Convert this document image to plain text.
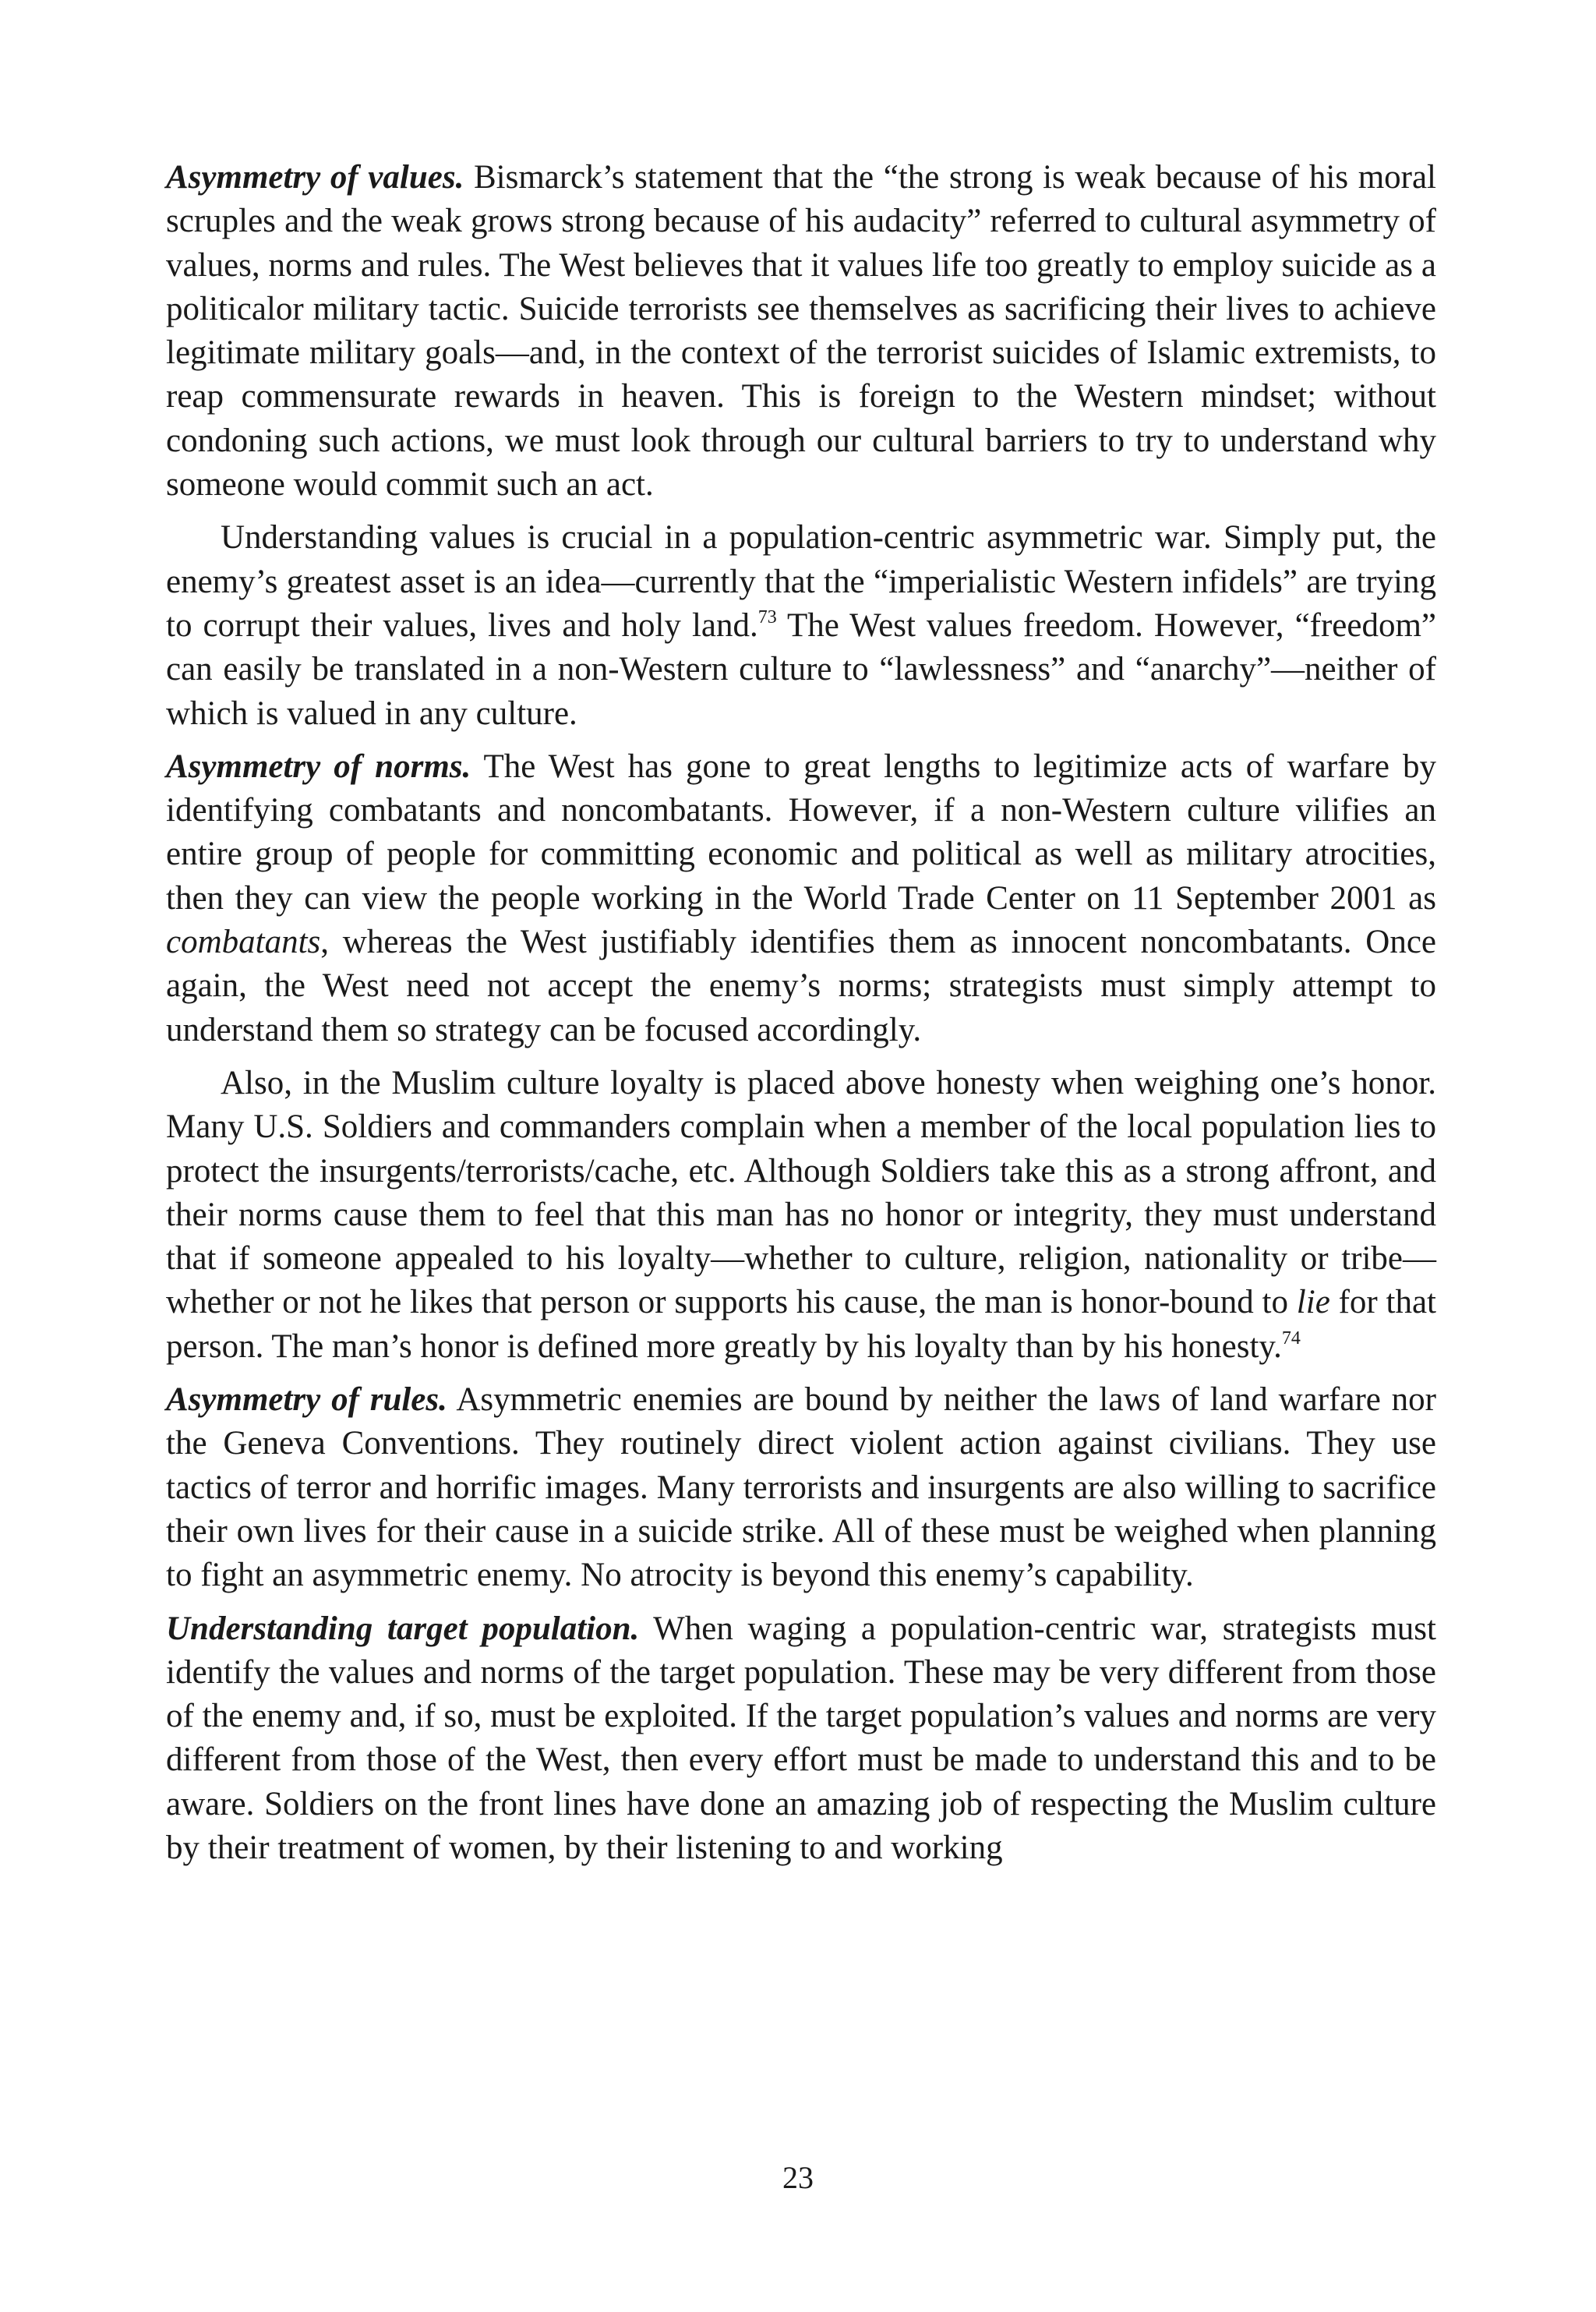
Asymmetry of values. Bismarck’s statement that the “the strong is weak because of his moral scruples and the weak grows strong because of his audacity” referred to cultural asymmetry of values, norms and rules. The West believes that it values life too greatly to employ suicide as a politicalor military tactic. Suicide terrorists see themselves as sacrificing their lives to achieve legitimate military goals—and, in the context of the terrorist suicides of Islamic extremists, to reap commensurate rewards in heaven. This is foreign to the Western mindset; without condoning such actions, we must look through our cultural barriers to try to understand why someone would commit such an act.

Understanding values is crucial in a population-centric asymmetric war. Simply put, the enemy’s greatest asset is an idea—currently that the “imperialistic Western infidels” are trying to corrupt their values, lives and holy land.$^{73}$ The West values freedom. However, “freedom” can easily be translated in a non-Western culture to “lawlessness” and “anarchy”—neither of which is valued in any culture.

Asymmetry of norms. The West has gone to great lengths to legitimize acts of warfare by identifying combatants and noncombatants. However, if a non-Western culture vilifies an entire group of people for committing economic and political as well as military atrocities, then they can view the people working in the World Trade Center on 11 September 2001 as combatants, whereas the West justifiably identifies them as innocent noncombatants. Once again, the West need not accept the enemy’s norms; strategists must simply attempt to understand them so strategy can be focused accordingly.

Also, in the Muslim culture loyalty is placed above honesty when weighing one’s honor. Many U.S. Soldiers and commanders complain when a member of the local population lies to protect the insurgents/terrorists/cache, etc. Although Soldiers take this as a strong affront, and their norms cause them to feel that this man has no honor or integrity, they must understand that if someone appealed to his loyalty—whether to culture, religion, nationality or tribe—whether or not he likes that person or supports his cause, the man is honor-bound to lie for that person. The man’s honor is defined more greatly by his loyalty than by his honesty.$^{74}$

Asymmetry of rules. Asymmetric enemies are bound by neither the laws of land warfare nor the Geneva Conventions. They routinely direct violent action against civilians. They use tactics of terror and horrific images. Many terrorists and insurgents are also willing to sacrifice their own lives for their cause in a suicide strike. All of these must be weighed when planning to fight an asymmetric enemy. No atrocity is beyond this enemy’s capability.

Understanding target population. When waging a population-centric war, strategists must identify the values and norms of the target population. These may be very different from those of the enemy and, if so, must be exploited. If the target population’s values and norms are very different from those of the West, then every effort must be made to understand this and to be aware. Soldiers on the front lines have done an amazing job of respecting the Muslim culture by their treatment of women, by their listening to and working

23
